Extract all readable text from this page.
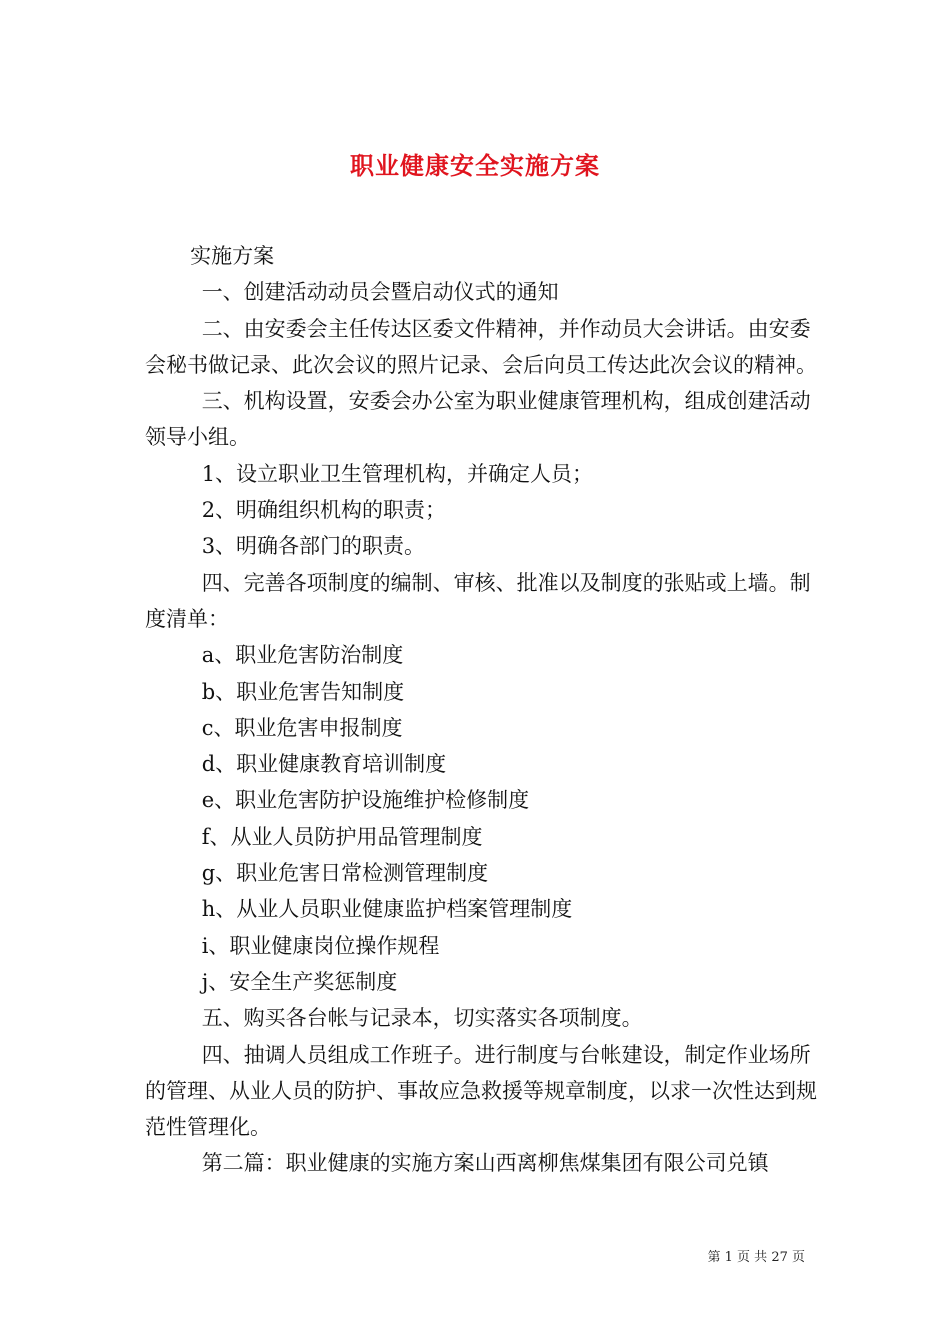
职业健康安全实施方案

实施方案

一、创建活动动员会暨启动仪式的通知

二、由安委会主任传达区委文件精神，并作动员大会讲话。由安委会秘书做记录、此次会议的照片记录、会后向员工传达此次会议的精神。

三、机构设置，安委会办公室为职业健康管理机构，组成创建活动领导小组。

1、设立职业卫生管理机构，并确定人员；

2、明确组织机构的职责；

3、明确各部门的职责。

四、完善各项制度的编制、审核、批准以及制度的张贴或上墙。制度清单：

a、职业危害防治制度

b、职业危害告知制度

c、职业危害申报制度

d、职业健康教育培训制度

e、职业危害防护设施维护检修制度

f、从业人员防护用品管理制度

g、职业危害日常检测管理制度

h、从业人员职业健康监护档案管理制度

i、职业健康岗位操作规程

j、安全生产奖惩制度

五、购买各台帐与记录本，切实落实各项制度。

四、抽调人员组成工作班子。进行制度与台帐建设，制定作业场所的管理、从业人员的防护、事故应急救援等规章制度，以求一次性达到规范性管理化。

第二篇：职业健康的实施方案山西离柳焦煤集团有限公司兑镇

第 1 页 共 27 页
